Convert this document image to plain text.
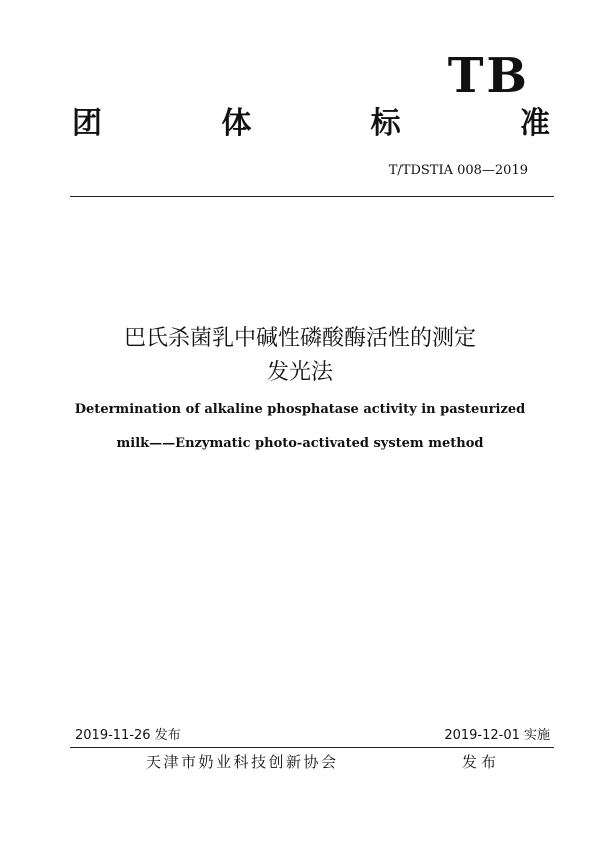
TB
团	体	标	准
T/TDSTIA 008—2019
巴氏杀菌乳中碱性磷酸酶活性的测定
发光法
Determination of alkaline phosphatase activity in pasteurized
milk——Enzymatic photo-activated system method
2019-11-26 发布	2019-12-01 实施
天津市奶业科技创新协会	发布
